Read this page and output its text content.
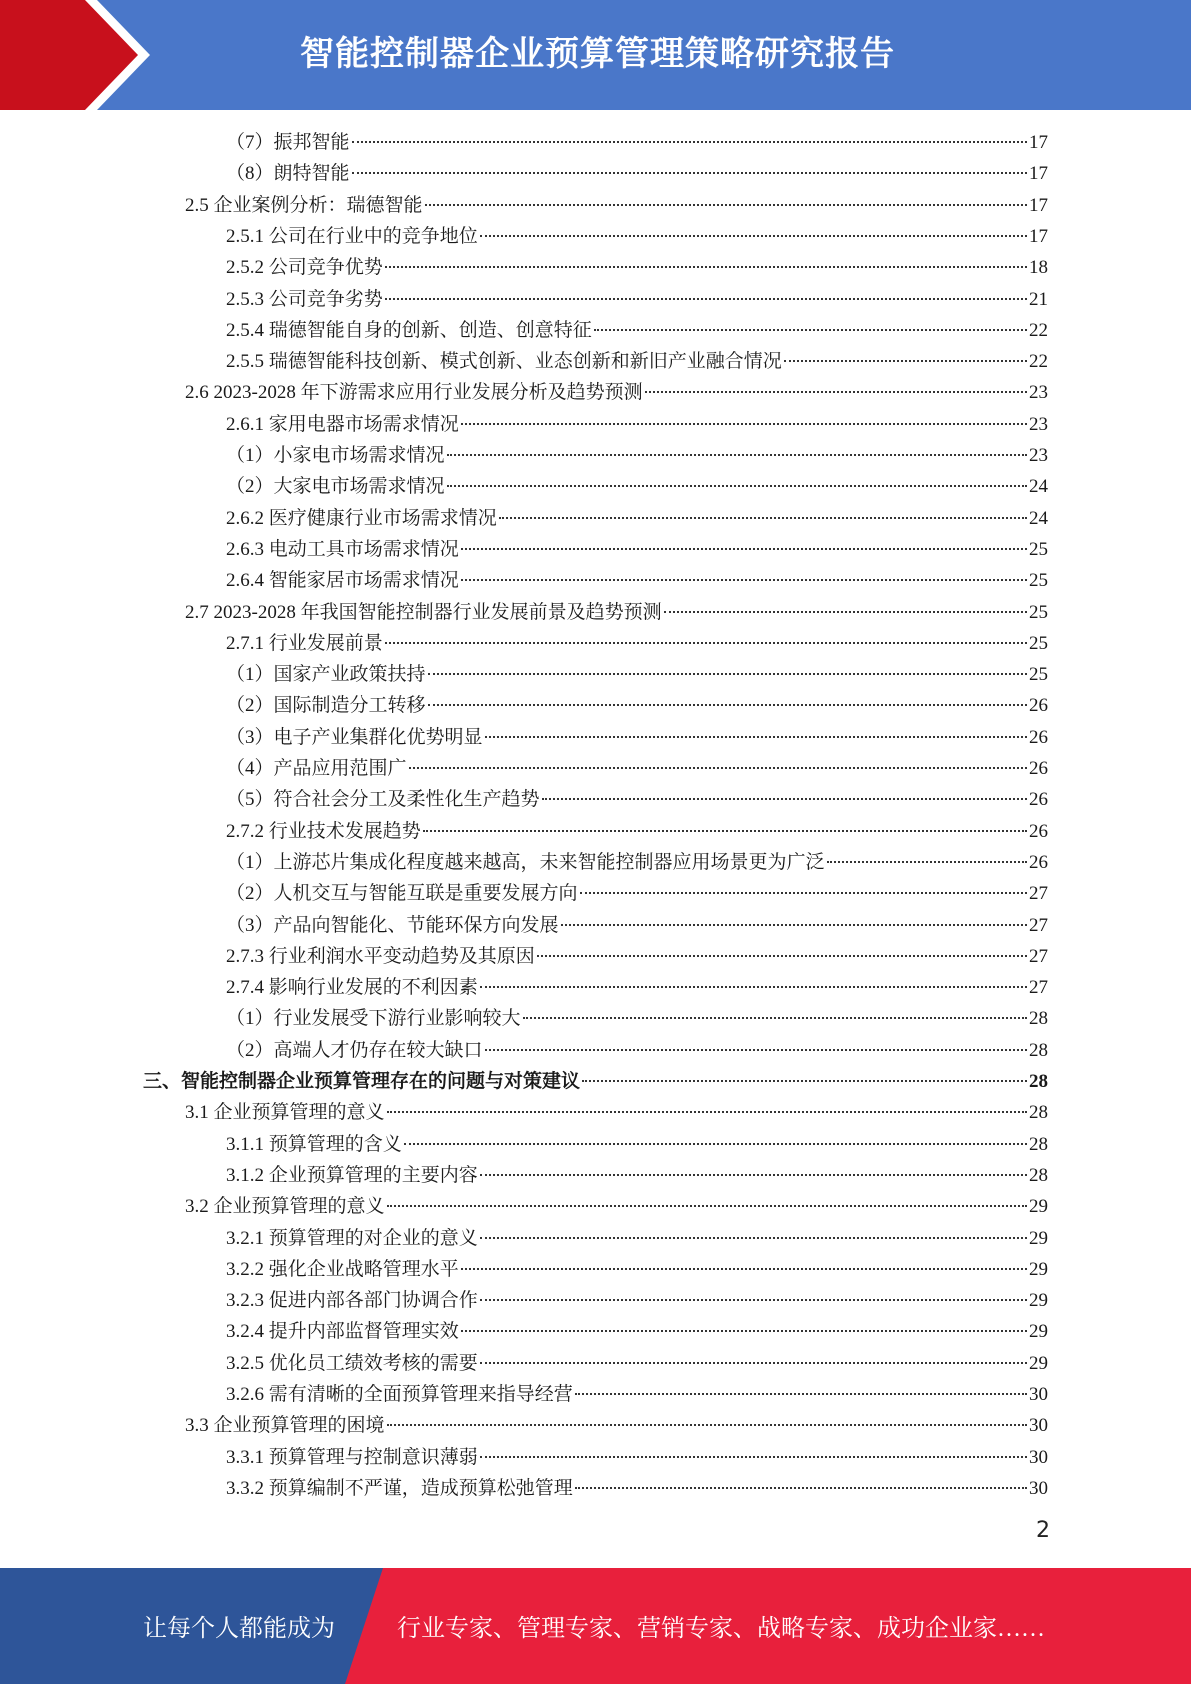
智能控制器企业预算管理策略研究报告
（7）振邦智能	17
（8）朗特智能	17
2.5 企业案例分析：瑞德智能	17
2.5.1 公司在行业中的竞争地位	17
2.5.2 公司竞争优势	18
2.5.3 公司竞争劣势	21
2.5.4 瑞德智能自身的创新、创造、创意特征	22
2.5.5 瑞德智能科技创新、模式创新、业态创新和新旧产业融合情况	22
2.6 2023-2028 年下游需求应用行业发展分析及趋势预测	23
2.6.1 家用电器市场需求情况	23
（1）小家电市场需求情况	23
（2）大家电市场需求情况	24
2.6.2 医疗健康行业市场需求情况	24
2.6.3 电动工具市场需求情况	25
2.6.4 智能家居市场需求情况	25
2.7 2023-2028 年我国智能控制器行业发展前景及趋势预测	25
2.7.1 行业发展前景	25
（1）国家产业政策扶持	25
（2）国际制造分工转移	26
（3）电子产业集群化优势明显	26
（4）产品应用范围广	26
（5）符合社会分工及柔性化生产趋势	26
2.7.2 行业技术发展趋势	26
（1）上游芯片集成化程度越来越高，未来智能控制器应用场景更为广泛	26
（2）人机交互与智能互联是重要发展方向	27
（3）产品向智能化、节能环保方向发展	27
2.7.3 行业利润水平变动趋势及其原因	27
2.7.4 影响行业发展的不利因素	27
（1）行业发展受下游行业影响较大	28
（2）高端人才仍存在较大缺口	28
三、智能控制器企业预算管理存在的问题与对策建议	28
3.1 企业预算管理的意义	28
3.1.1 预算管理的含义	28
3.1.2 企业预算管理的主要内容	28
3.2 企业预算管理的意义	29
3.2.1 预算管理的对企业的意义	29
3.2.2 强化企业战略管理水平	29
3.2.3 促进内部各部门协调合作	29
3.2.4 提升内部监督管理实效	29
3.2.5 优化员工绩效考核的需要	29
3.2.6 需有清晰的全面预算管理来指导经营	30
3.3 企业预算管理的困境	30
3.3.1 预算管理与控制意识薄弱	30
3.3.2 预算编制不严谨，造成预算松弛管理	30
2
让每个人都能成为	行业专家、管理专家、营销专家、战略专家、成功企业家……
